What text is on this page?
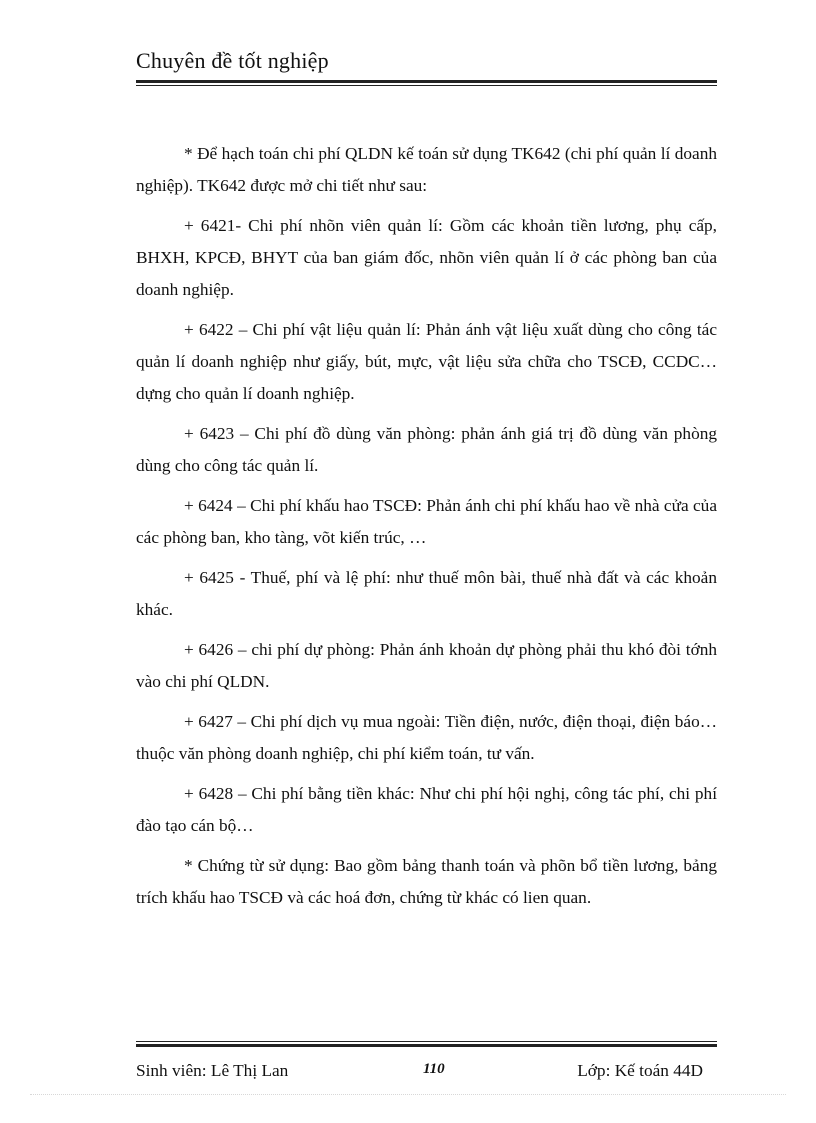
Chuyên đề tốt nghiệp

* Để hạch toán chi phí QLDN kế toán sử dụng TK642 (chi phí quản lí doanh nghiệp). TK642 được mở chi tiết như sau:

+ 6421- Chi phí nhõn viên quản lí: Gồm các khoản tiền lương, phụ cấp, BHXH, KPCĐ, BHYT của ban giám đốc, nhõn viên quản lí ở các phòng ban của doanh nghiệp.

+ 6422 – Chi phí vật liệu quản lí: Phản ánh vật liệu xuất dùng cho công tác quản lí doanh nghiệp như giấy, bút, mực, vật liệu sửa chữa cho TSCĐ, CCDC…dựng cho quản lí doanh nghiệp.

+ 6423 – Chi phí đồ dùng văn phòng: phản ánh giá trị đồ dùng văn phòng dùng cho công tác quản lí.

+ 6424 – Chi phí khấu hao TSCĐ: Phản ánh chi phí khấu hao về nhà cửa của các phòng ban, kho tàng, võt kiến trúc, …

+ 6425 - Thuế, phí và lệ phí: như thuế môn bài, thuế nhà đất và các khoản khác.

+ 6426 – chi phí dự phòng: Phản ánh khoản dự phòng phải thu khó đòi tớnh vào chi phí QLDN.

+ 6427 – Chi phí dịch vụ mua ngoài: Tiền điện, nước, điện thoại, điện báo… thuộc văn phòng doanh nghiệp, chi phí kiểm toán, tư vấn.

+ 6428 – Chi phí bằng tiền khác: Như chi phí hội nghị, công tác phí, chi phí đào tạo cán bộ…

* Chứng từ sử dụng: Bao gồm bảng thanh toán và phõn bổ tiền lương, bảng trích khấu hao TSCĐ và các hoá đơn, chứng từ khác có lien quan.

Sinh viên: Lê Thị Lan	110	Lớp: Kế toán 44D
